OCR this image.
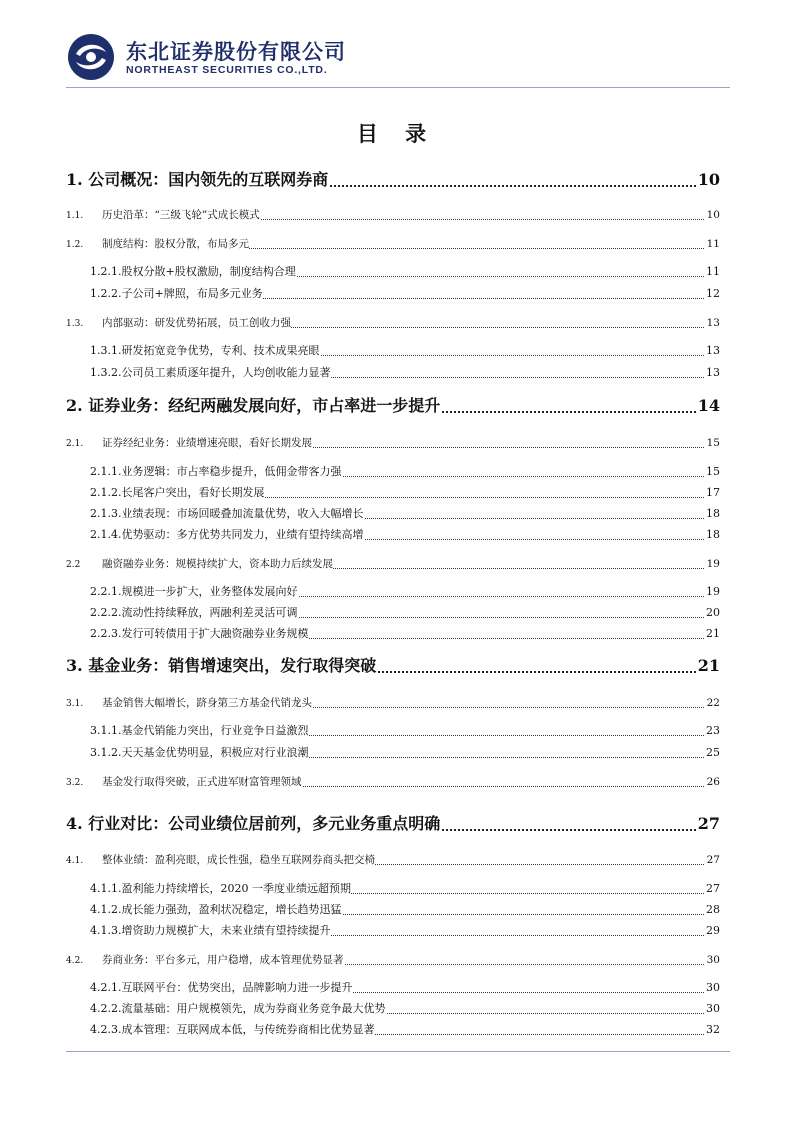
东北证券股份有限公司
NORTHEAST SECURITIES CO.,LTD.
目 录
10
1. 公司概况：国内领先的互联网券商
10
1.1. 历史沿革：“三级飞轮”式成长模式
11
1.2. 制度结构：股权分散，布局多元
11
1.2.1.股权分散+股权激励，制度结构合理
12
1.2.2.子公司+牌照，布局多元业务
13
1.3. 内部驱动：研发优势拓展，员工创收力强
13
1.3.1.研发拓宽竞争优势，专利、技术成果亮眼
13
1.3.2.公司员工素质逐年提升，人均创收能力显著
14
2. 证券业务：经纪两融发展向好，市占率进一步提升
15
2.1. 证券经纪业务：业绩增速亮眼，看好长期发展
15
2.1.1.业务逻辑：市占率稳步提升，低佣金带客力强
17
2.1.2.长尾客户突出，看好长期发展
18
2.1.3.业绩表现：市场回暖叠加流量优势，收入大幅增长
18
2.1.4.优势驱动：多方优势共同发力，业绩有望持续高增
19
2.2 融资融券业务：规模持续扩大，资本助力后续发展
19
2.2.1.规模进一步扩大，业务整体发展向好
20
2.2.2.流动性持续释放，两融利差灵活可调
21
2.2.3.发行可转债用于扩大融资融券业务规模
21
3. 基金业务：销售增速突出，发行取得突破
22
3.1. 基金销售大幅增长，跻身第三方基金代销龙头
23
3.1.1.基金代销能力突出，行业竞争日益激烈
25
3.1.2.天天基金优势明显，积极应对行业浪潮
26
3.2. 基金发行取得突破，正式进军财富管理领域
27
4. 行业对比：公司业绩位居前列，多元业务重点明确
27
4.1. 整体业绩：盈利亮眼，成长性强，稳坐互联网券商头把交椅
27
4.1.1.盈利能力持续增长，2020 一季度业绩远超预期
28
4.1.2.成长能力强劲，盈利状况稳定，增长趋势迅猛
29
4.1.3.增资助力规模扩大，未来业绩有望持续提升
30
4.2. 券商业务：平台多元，用户稳增，成本管理优势显著
30
4.2.1.互联网平台：优势突出，品牌影响力进一步提升
30
4.2.2.流量基础：用户规模领先，成为券商业务竞争最大优势
32
4.2.3.成本管理：互联网成本低，与传统券商相比优势显著
